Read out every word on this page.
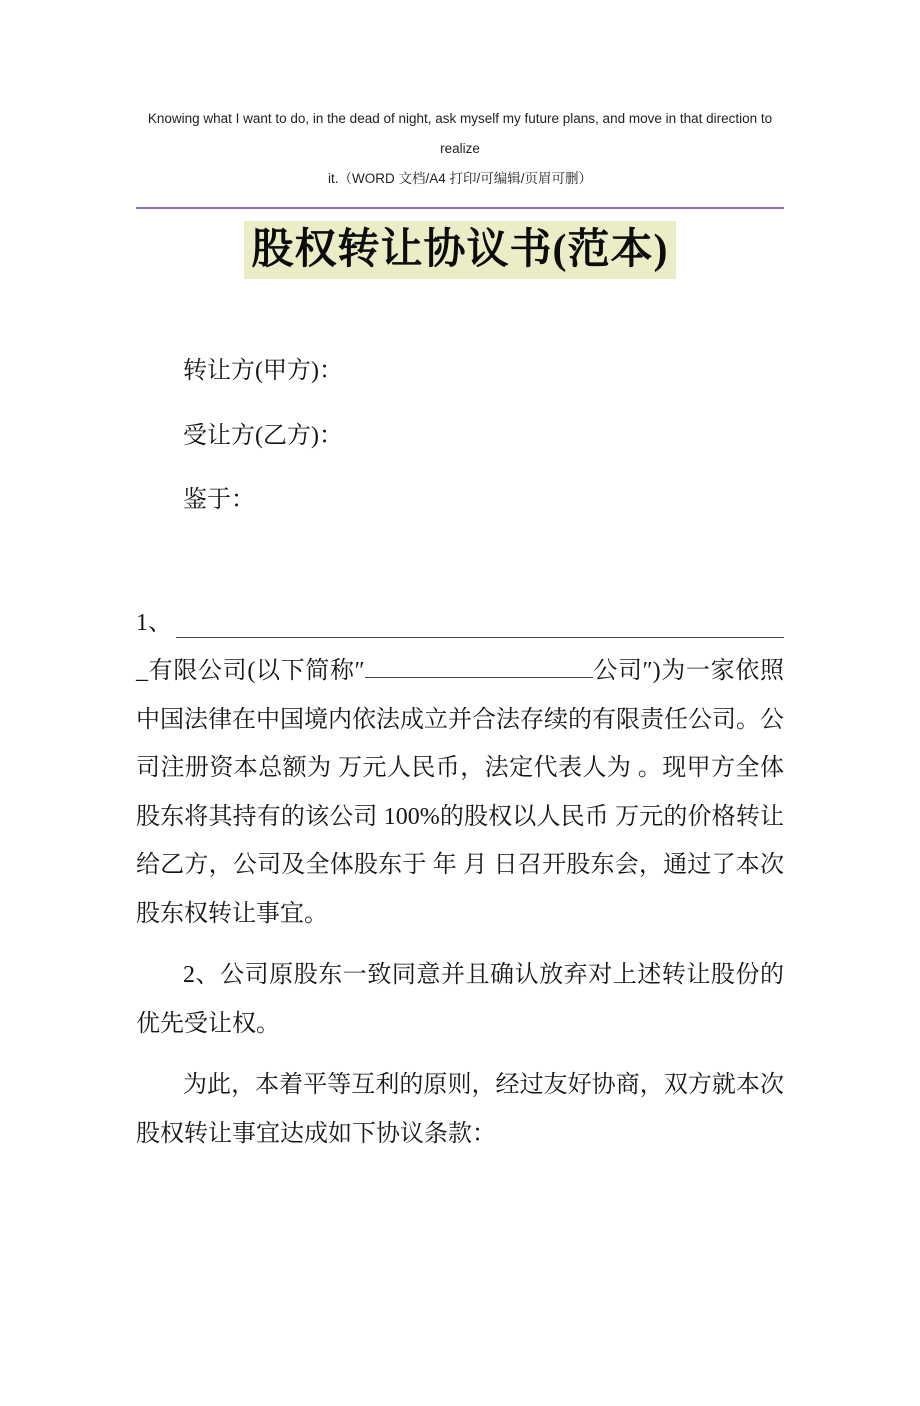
Knowing what I want to do, in the dead of night, ask myself my future plans, and move in that direction to realize
it.（WORD 文档/A4 打印/可编辑/页眉可删）
股权转让协议书(范本)
转让方(甲方)：
受让方(乙方)：
鉴于：
1、
_有限公司(以下简称″	公司″)为一家依照中国法律在中国境内依法成立并合法存续的有限责任公司。公司注册资本总额为 万元人民币，法定代表人为 。现甲方全体股东将其持有的该公司 100%的股权以人民币 万元的价格转让给乙方，公司及全体股东于 年 月 日召开股东会，通过了本次股东权转让事宜。
2、公司原股东一致同意并且确认放弃对上述转让股份的优先受让权。
为此，本着平等互利的原则，经过友好协商，双方就本次股权转让事宜达成如下协议条款：
